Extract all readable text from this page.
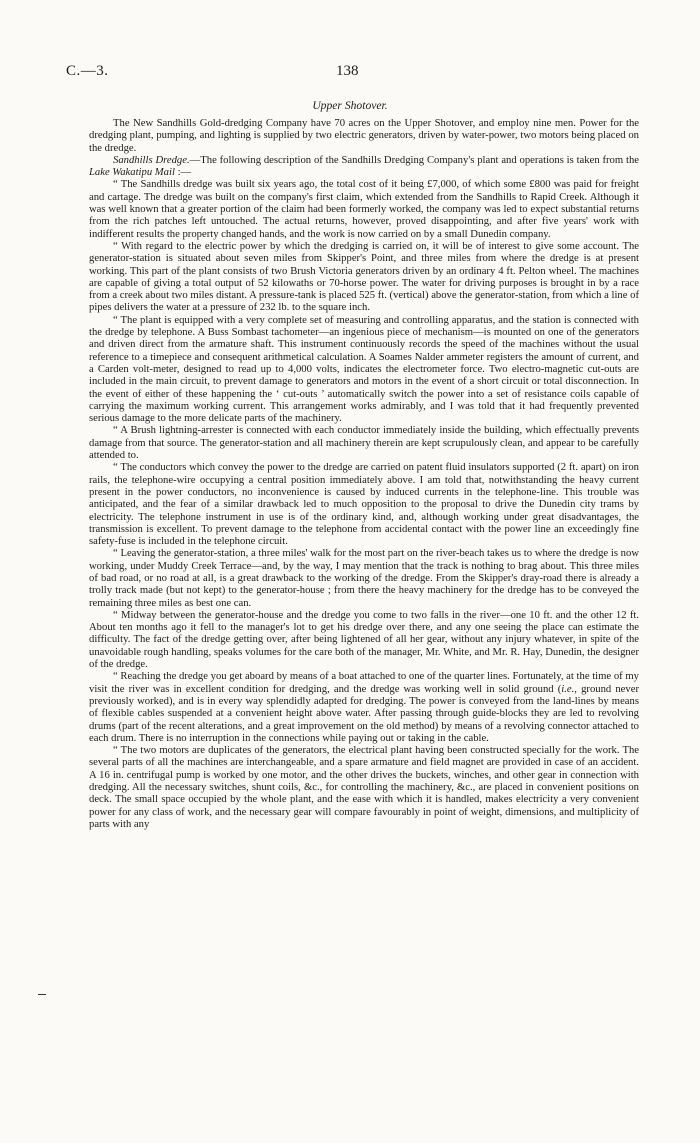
C.—3.	138
Upper Shotover.

The New Sandhills Gold-dredging Company have 70 acres on the Upper Shotover, and employ nine men. Power for the dredging plant, pumping, and lighting is supplied by two electric generators, driven by water-power, two motors being placed on the dredge.

Sandhills Dredge.—The following description of the Sandhills Dredging Company's plant and operations is taken from the Lake Wakatipu Mail :—

“ The Sandhills dredge was built six years ago, the total cost of it being £7,000, of which some £800 was paid for freight and cartage. The dredge was built on the company's first claim, which extended from the Sandhills to Rapid Creek. Although it was well known that a greater portion of the claim had been formerly worked, the company was led to expect substantial returns from the rich patches left untouched. The actual returns, however, proved disappointing, and after five years' work with indifferent results the property changed hands, and the work is now carried on by a small Dunedin company.

“ With regard to the electric power by which the dredging is carried on, it will be of interest to give some account. The generator-station is situated about seven miles from Skipper's Point, and three miles from where the dredge is at present working. This part of the plant consists of two Brush Victoria generators driven by an ordinary 4 ft. Pelton wheel. The machines are capable of giving a total output of 52 kilowaths or 70-horse power. The water for driving purposes is brought in by a race from a creek about two miles distant. A pressure-tank is placed 525 ft. (vertical) above the generator-station, from which a line of pipes delivers the water at a pressure of 232 lb. to the square inch.

“ The plant is equipped with a very complete set of measuring and controlling apparatus, and the station is connected with the dredge by telephone. A Buss Sombast tachometer—an ingenious piece of mechanism—is mounted on one of the generators and driven direct from the armature shaft. This instrument continuously records the speed of the machines without the usual reference to a timepiece and consequent arithmetical calculation. A Soames Nalder ammeter registers the amount of current, and a Carden volt-meter, designed to read up to 4,000 volts, indicates the electrometer force. Two electro-magnetic cut-outs are included in the main circuit, to prevent damage to generators and motors in the event of a short circuit or total disconnection. In the event of either of these happening the ‘ cut-outs ’ automatically switch the power into a set of resistance coils capable of carrying the maximum working current. This arrangement works admirably, and I was told that it had frequently prevented serious damage to the more delicate parts of the machinery.

“ A Brush lightning-arrester is connected with each conductor immediately inside the building, which effectually prevents damage from that source. The generator-station and all machinery therein are kept scrupulously clean, and appear to be carefully attended to.

“ The conductors which convey the power to the dredge are carried on patent fluid insulators supported (2 ft. apart) on iron rails, the telephone-wire occupying a central position immediately above. I am told that, notwithstanding the heavy current present in the power conductors, no inconvenience is caused by induced currents in the telephone-line. This trouble was anticipated, and the fear of a similar drawback led to much opposition to the proposal to drive the Dunedin city trams by electricity. The telephone instrument in use is of the ordinary kind, and, although working under great disadvantages, the transmission is excellent. To prevent damage to the telephone from accidental contact with the power line an exceedingly fine safety-fuse is included in the telephone circuit.

“ Leaving the generator-station, a three miles' walk for the most part on the river-beach takes us to where the dredge is now working, under Muddy Creek Terrace—and, by the way, I may mention that the track is nothing to brag about. This three miles of bad road, or no road at all, is a great drawback to the working of the dredge. From the Skipper's dray-road there is already a trolly track made (but not kept) to the generator-house ; from there the heavy machinery for the dredge has to be conveyed the remaining three miles as best one can.

“ Midway between the generator-house and the dredge you come to two falls in the river—one 10 ft. and the other 12 ft. About ten months ago it fell to the manager's lot to get his dredge over there, and any one seeing the place can estimate the difficulty. The fact of the dredge getting over, after being lightened of all her gear, without any injury whatever, in spite of the unavoidable rough handling, speaks volumes for the care both of the manager, Mr. White, and Mr. R. Hay, Dunedin, the designer of the dredge.

“ Reaching the dredge you get aboard by means of a boat attached to one of the quarter lines. Fortunately, at the time of my visit the river was in excellent condition for dredging, and the dredge was working well in solid ground (i.e., ground never previously worked), and is in every way splendidly adapted for dredging. The power is conveyed from the land-lines by means of flexible cables suspended at a convenient height above water. After passing through guide-blocks they are led to revolving drums (part of the recent alterations, and a great improvement on the old method) by means of a revolving connector attached to each drum. There is no interruption in the connections while paying out or taking in the cable.

“ The two motors are duplicates of the generators, the electrical plant having been constructed specially for the work. The several parts of all the machines are interchangeable, and a spare armature and field magnet are provided in case of an accident. A 16 in. centrifugal pump is worked by one motor, and the other drives the buckets, winches, and other gear in connection with dredging. All the necessary switches, shunt coils, &c., for controlling the machinery, &c., are placed in convenient positions on deck. The small space occupied by the whole plant, and the ease with which it is handled, makes electricity a very convenient power for any class of work, and the necessary gear will compare favourably in point of weight, dimensions, and multiplicity of parts with any
